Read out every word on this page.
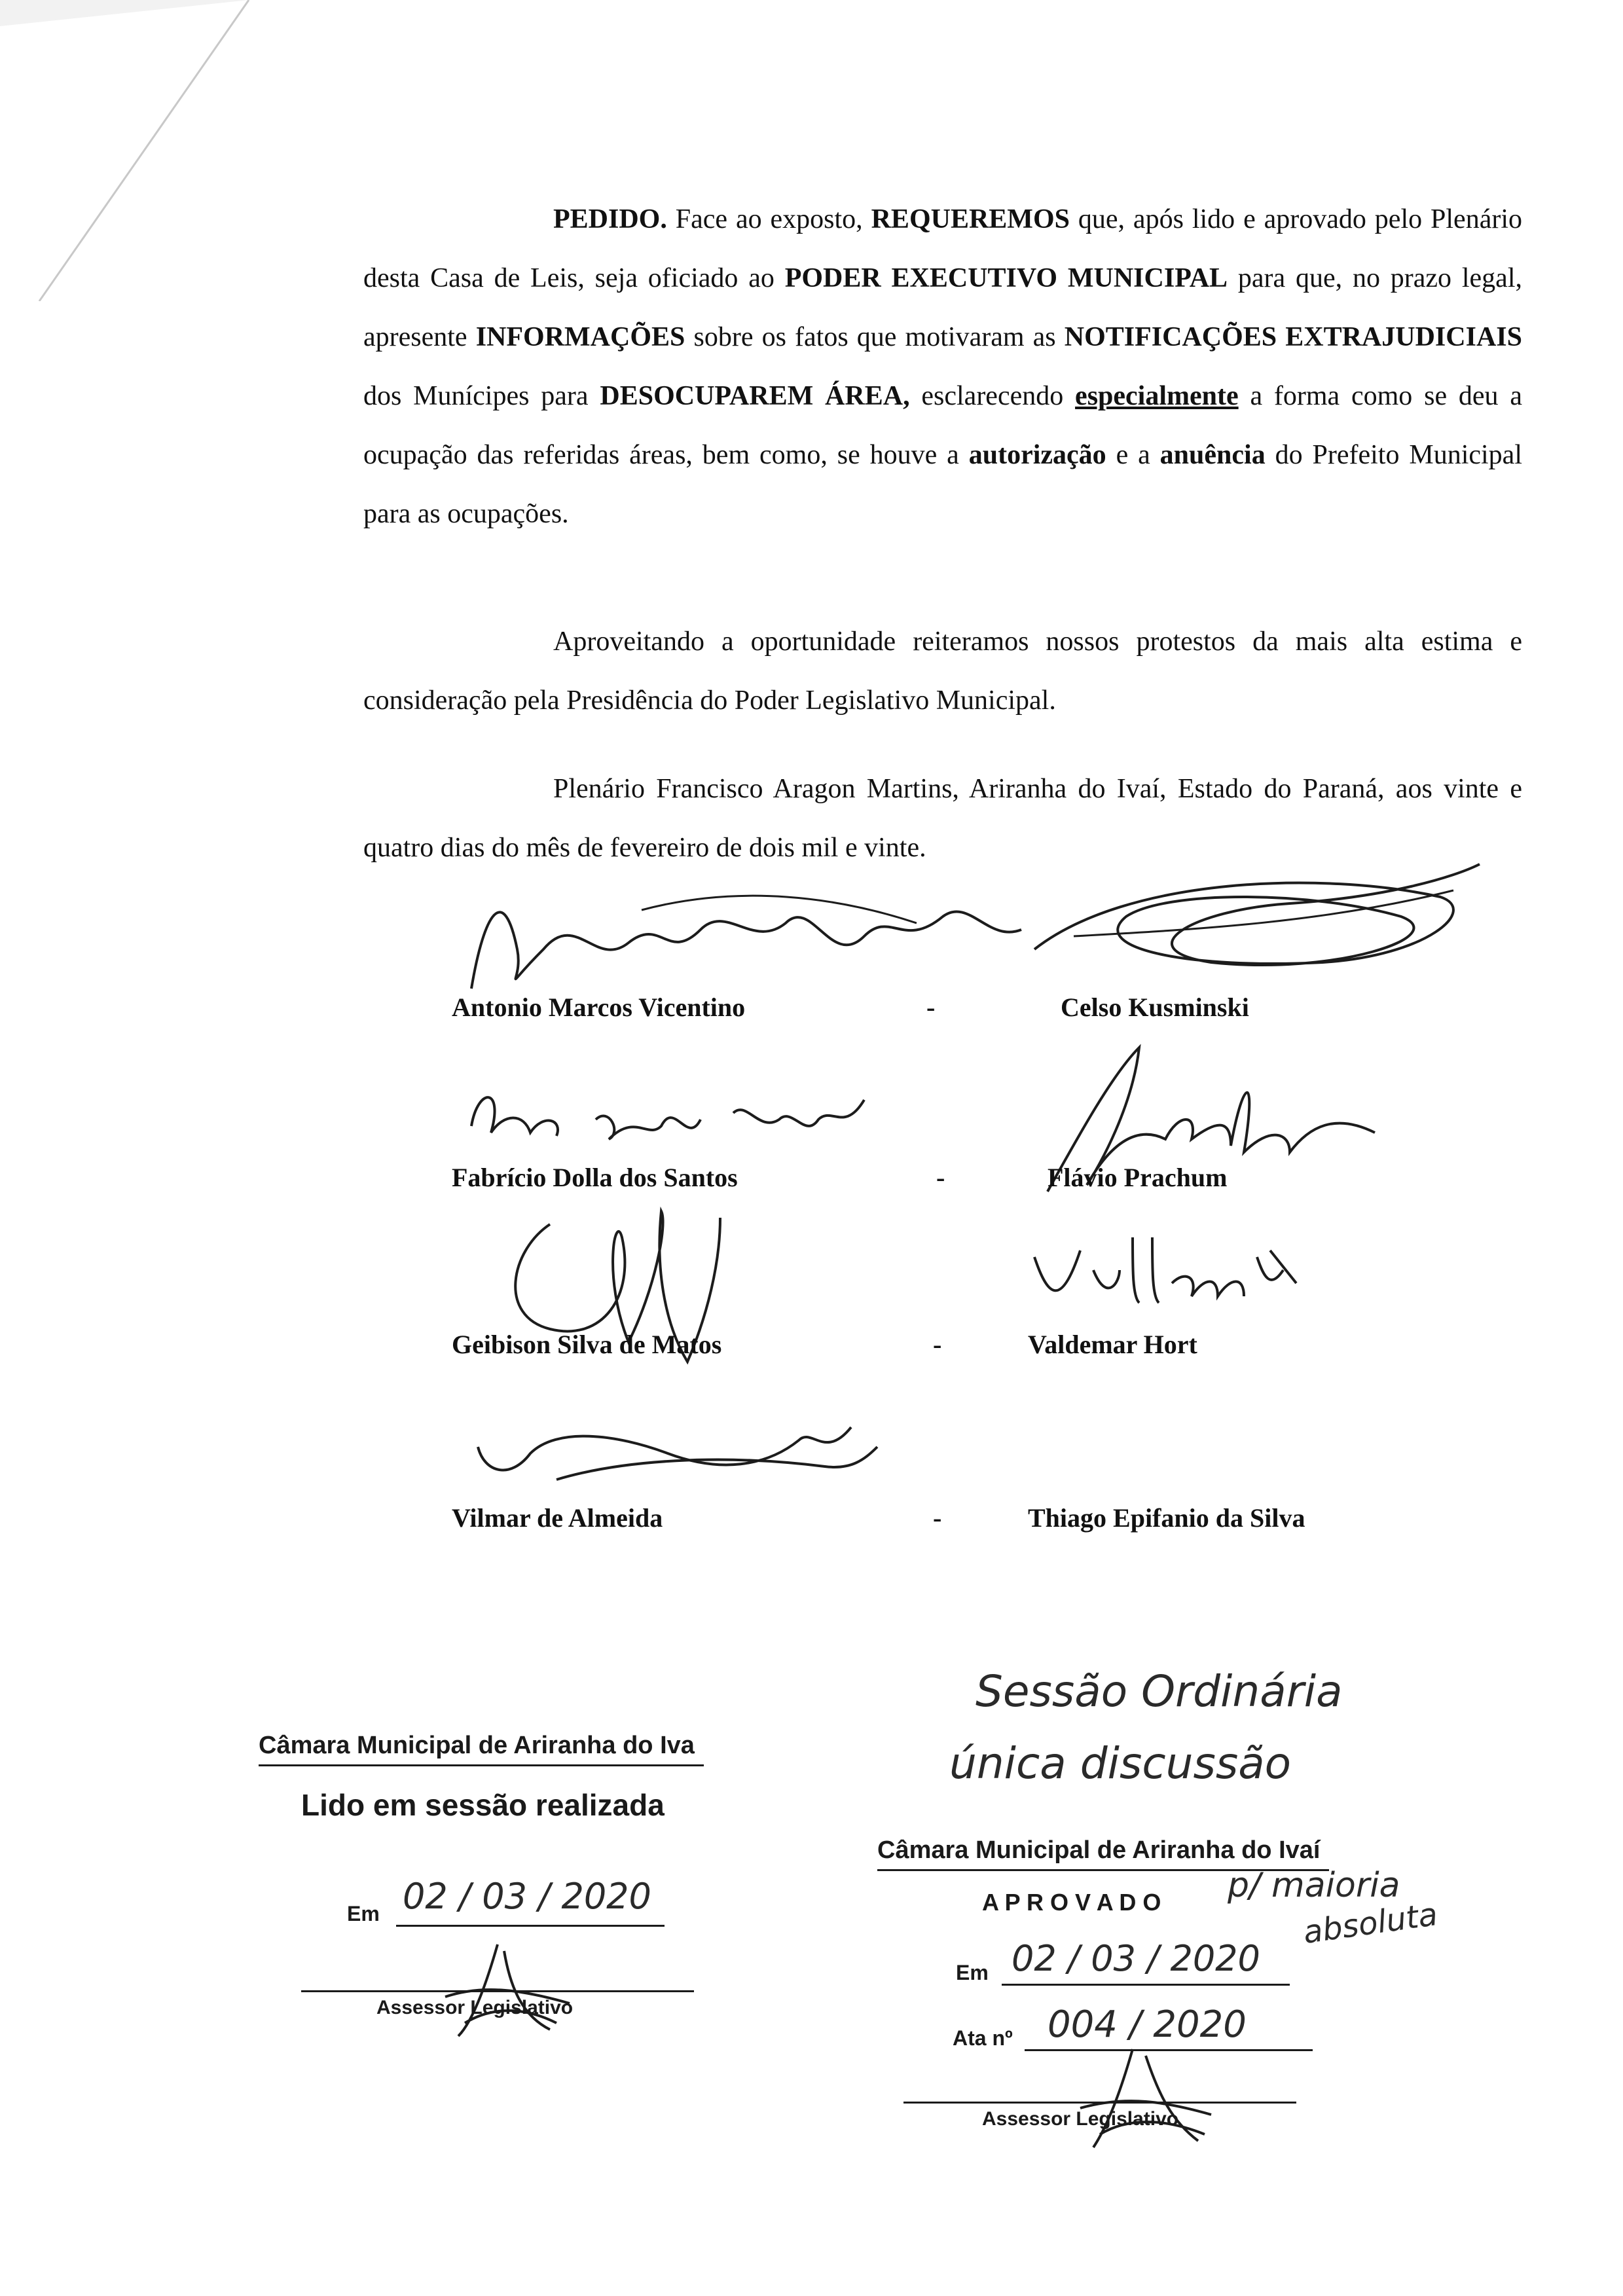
PEDIDO. Face ao exposto, REQUEREMOS que, após lido e aprovado pelo Plenário desta Casa de Leis, seja oficiado ao PODER EXECUTIVO MUNICIPAL para que, no prazo legal, apresente INFORMAÇÕES sobre os fatos que motivaram as NOTIFICAÇÕES EXTRAJUDICIAIS dos Munícipes para DESOCUPAREM ÁREA, esclarecendo especialmente a forma como se deu a ocupação das referidas áreas, bem como, se houve a autorização e a anuência do Prefeito Municipal para as ocupações.
Aproveitando a oportunidade reiteramos nossos protestos da mais alta estima e consideração pela Presidência do Poder Legislativo Municipal.
Plenário Francisco Aragon Martins, Ariranha do Ivaí, Estado do Paraná, aos vinte e quatro dias do mês de fevereiro de dois mil e vinte.
Antonio Marcos Vicentino	-	Celso Kusminski
Fabrício Dolla dos Santos	-	Flávio Prachum
Geibison Silva de Matos	-	Valdemar Hort
Vilmar de Almeida	-	Thiago Epifanio da Silva
Câmara Municipal de Ariranha do Iva
Lido em sessão realizada
Em 02 / 03 / 2020
Assessor Legislativo
Sessão Ordinária
única discussão
Câmara Municipal de Ariranha do Ivaí
A P R O V A D O p/ maioria
absoluta
Em 02 / 03 / 2020
Ata nº 004 / 2020
Assessor Legislativo
